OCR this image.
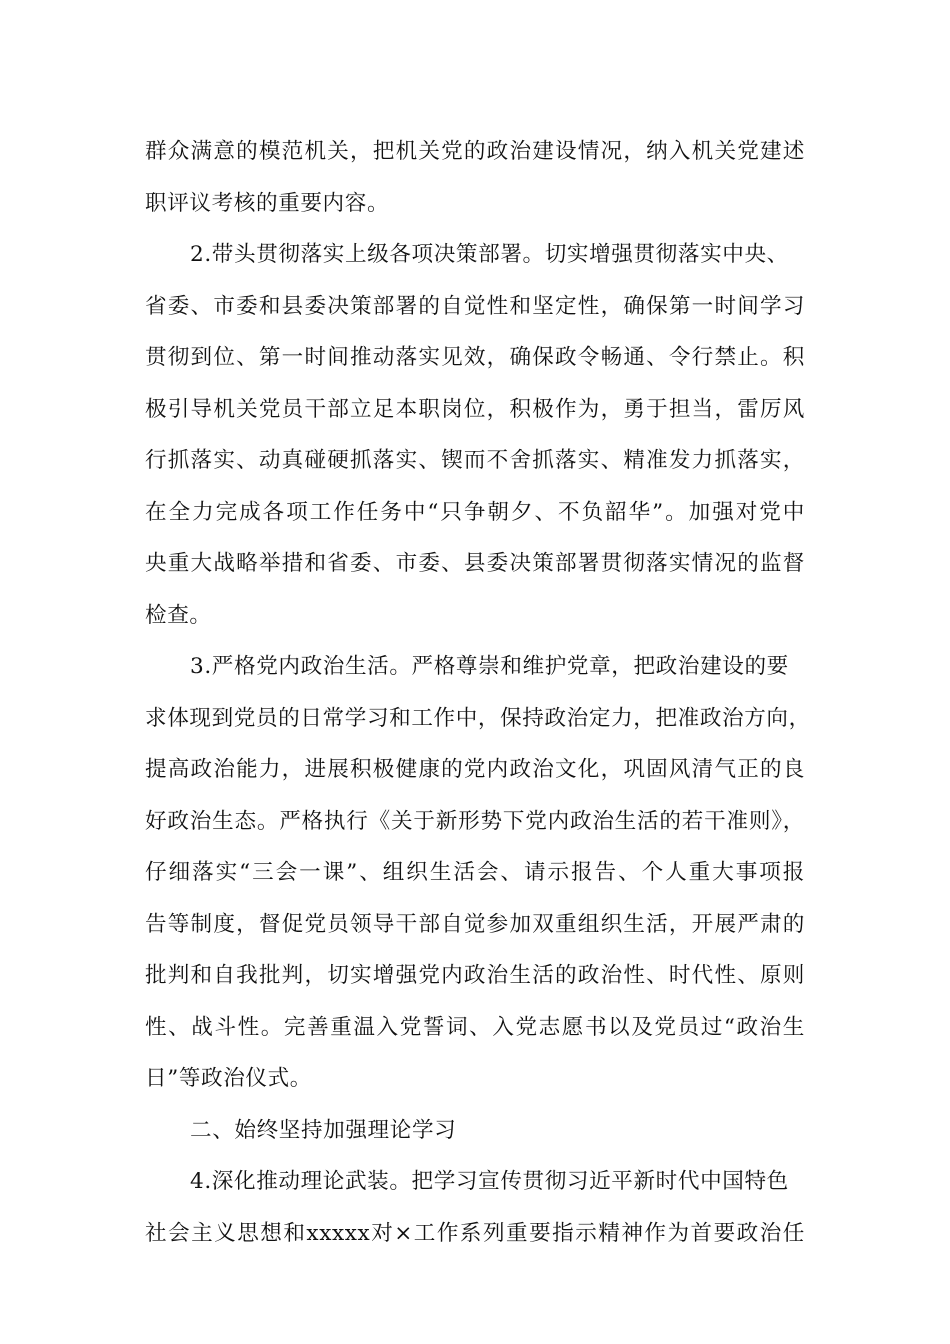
群众满意的模范机关，把机关党的政治建设情况，纳入机关党建述
职评议考核的重要内容。
2.带头贯彻落实上级各项决策部署。切实增强贯彻落实中央、
省委、市委和县委决策部署的自觉性和坚定性，确保第一时间学习
贯彻到位、第一时间推动落实见效，确保政令畅通、令行禁止。积
极引导机关党员干部立足本职岗位，积极作为，勇于担当，雷厉风
行抓落实、动真碰硬抓落实、锲而不舍抓落实、精准发力抓落实，
在全力完成各项工作任务中“只争朝夕、不负韶华”。加强对党中
央重大战略举措和省委、市委、县委决策部署贯彻落实情况的监督
检查。
3.严格党内政治生活。严格尊崇和维护党章，把政治建设的要
求体现到党员的日常学习和工作中，保持政治定力，把准政治方向，
提高政治能力，进展积极健康的党内政治文化，巩固风清气正的良
好政治生态。严格执行《关于新形势下党内政治生活的若干准则》，
仔细落实“三会一课”、组织生活会、请示报告、个人重大事项报
告等制度，督促党员领导干部自觉参加双重组织生活，开展严肃的
批判和自我批判，切实增强党内政治生活的政治性、时代性、原则
性、战斗性。完善重温入党誓词、入党志愿书以及党员过“政治生
日”等政治仪式。
二、始终坚持加强理论学习
4.深化推动理论武装。把学习宣传贯彻习近平新时代中国特色
社会主义思想和xxxxx对×工作系列重要指示精神作为首要政治任
